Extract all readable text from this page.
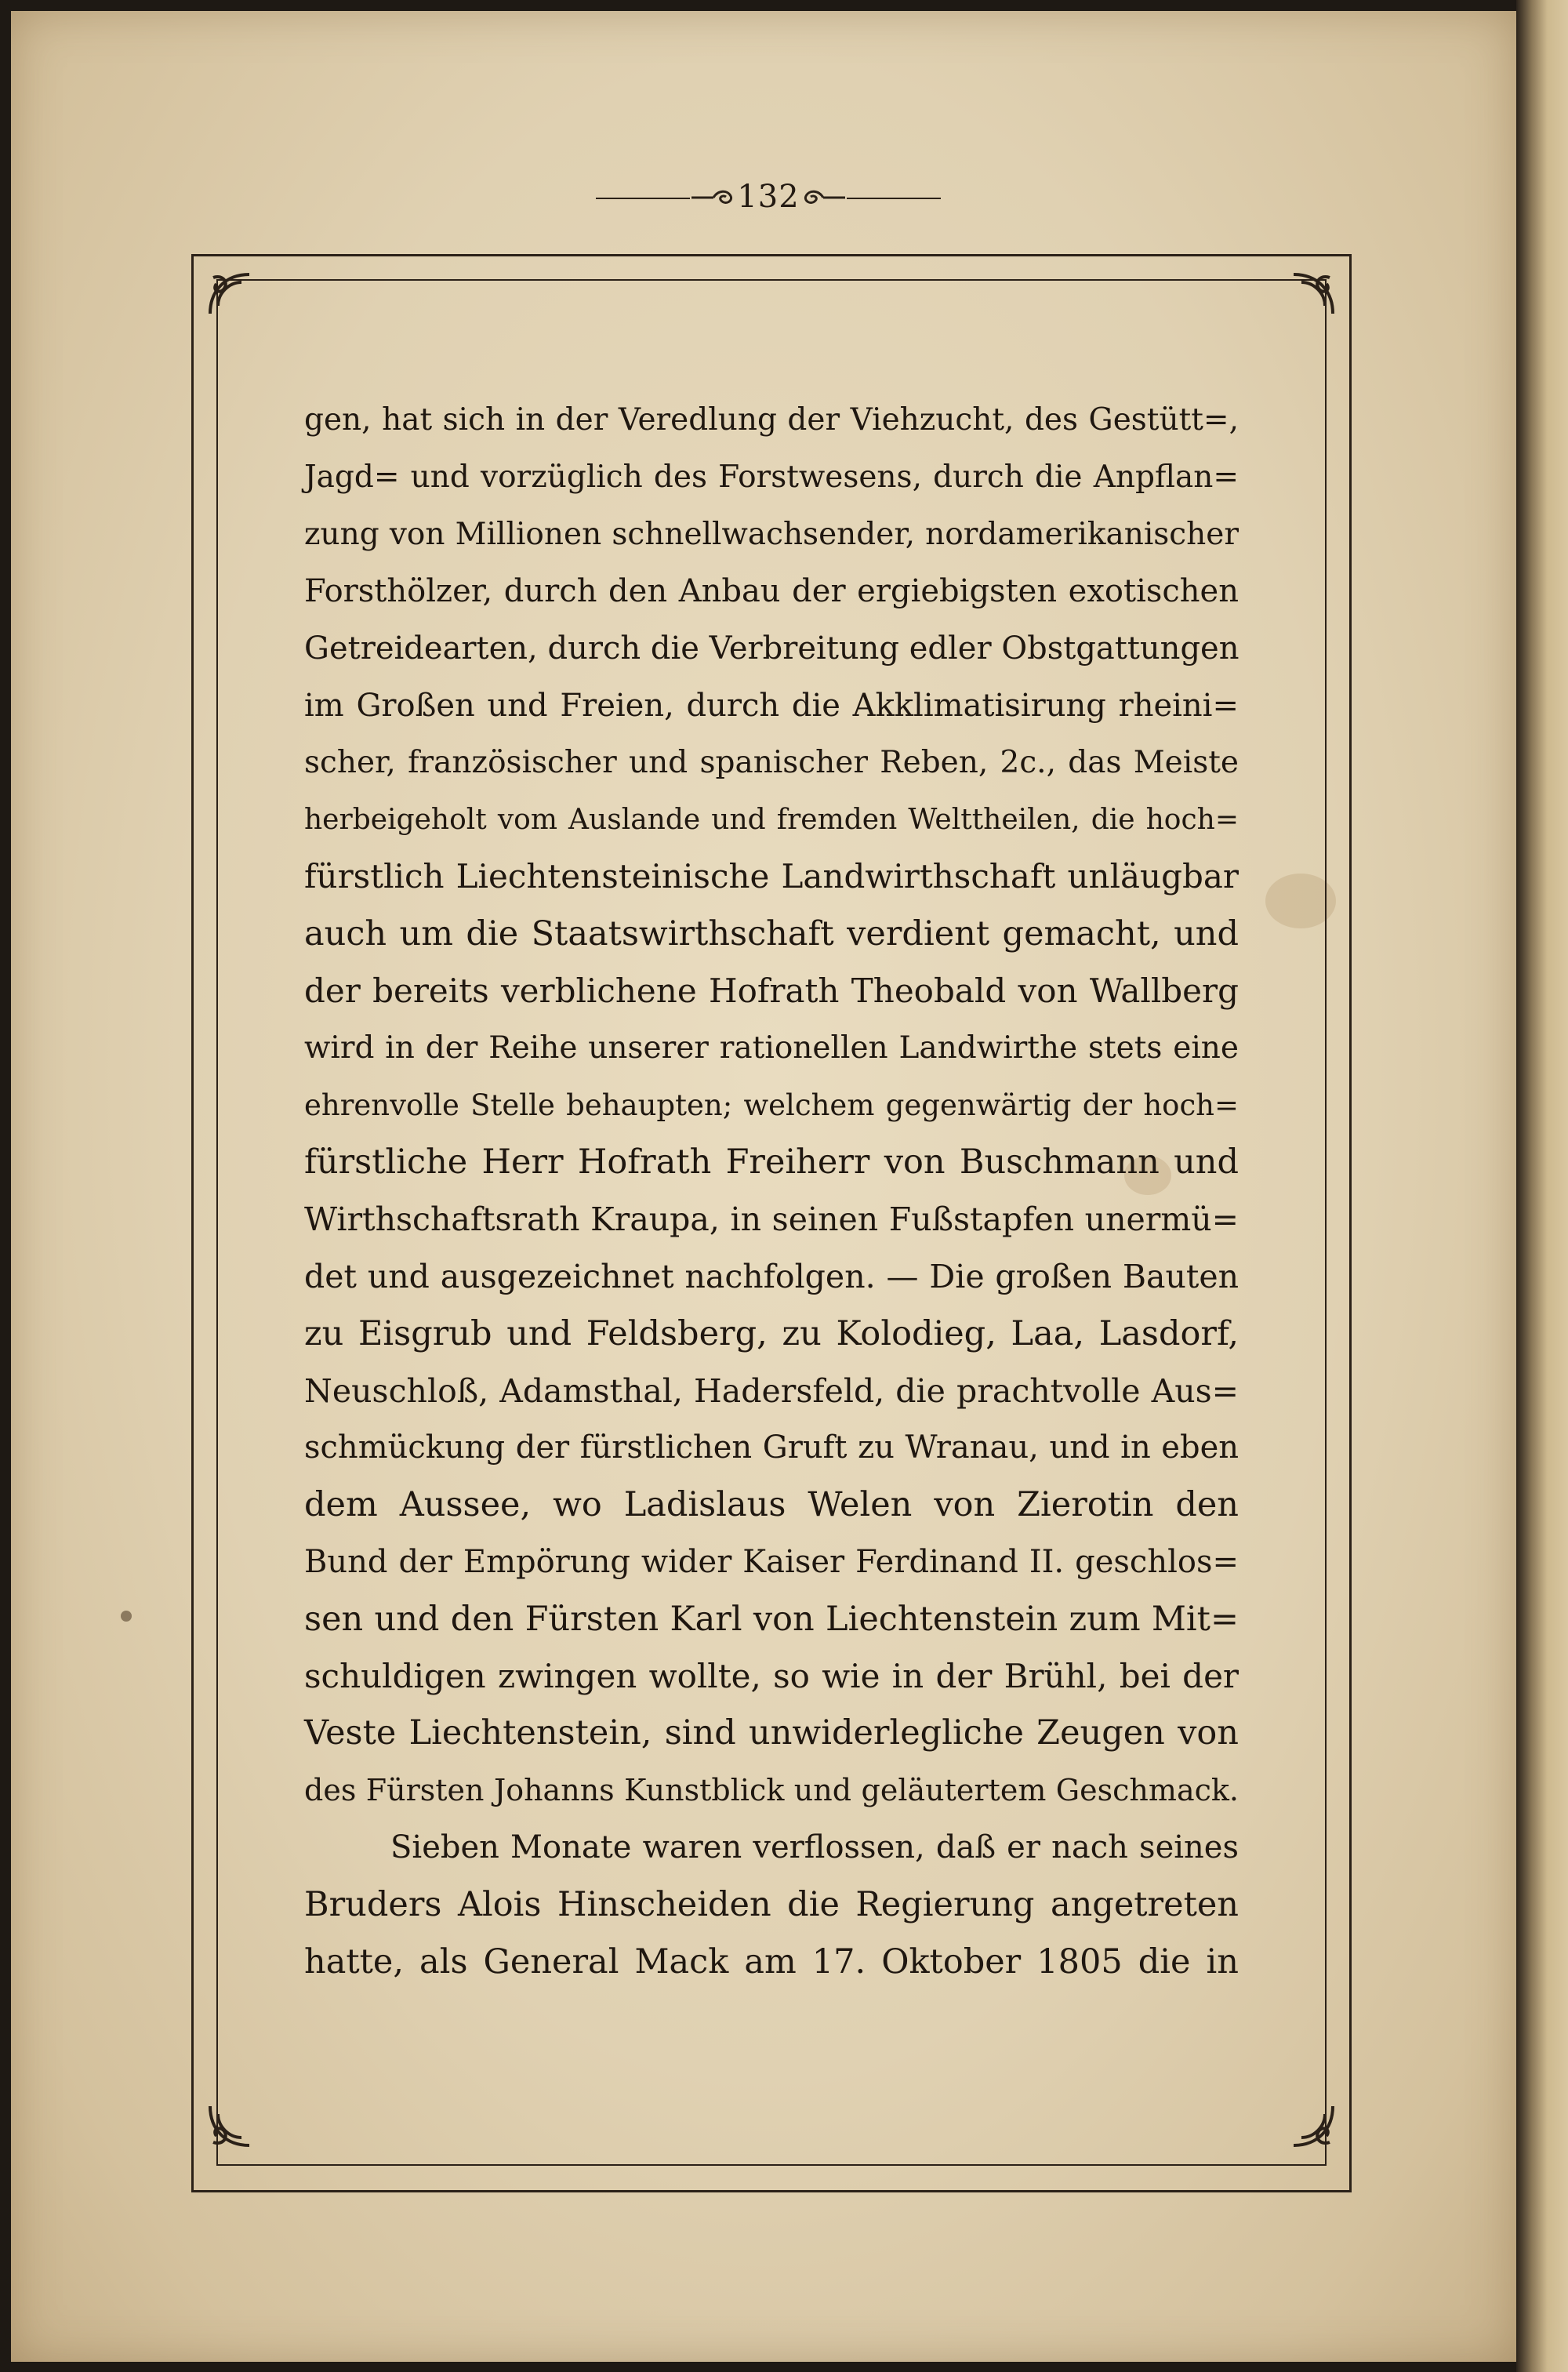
132
gen, hat sich in der Veredlung der Viehzucht, des Gestütt=,
Jagd= und vorzüglich des Forstwesens, durch die Anpflan=
zung von Millionen schnellwachsender, nordamerikanischer
Forsthölzer, durch den Anbau der ergiebigsten exotischen
Getreidearten, durch die Verbreitung edler Obstgattungen
im Großen und Freien, durch die Akklimatisirung rheini=
scher, französischer und spanischer Reben, 2c., das Meiste
herbeigeholt vom Auslande und fremden Welttheilen, die hoch=
fürstlich Liechtensteinische Landwirthschaft unläugbar
auch um die Staatswirthschaft verdient gemacht, und
der bereits verblichene Hofrath Theobald von Wallberg
wird in der Reihe unserer rationellen Landwirthe stets eine
ehrenvolle Stelle behaupten; welchem gegenwärtig der hoch=
fürstliche Herr Hofrath Freiherr von Buschmann und
Wirthschaftsrath Kraupa, in seinen Fußstapfen unermü=
det und ausgezeichnet nachfolgen. — Die großen Bauten
zu Eisgrub und Feldsberg, zu Kolodieg, Laa, Lasdorf,
Neuschloß, Adamsthal, Hadersfeld, die prachtvolle Aus=
schmückung der fürstlichen Gruft zu Wranau, und in eben
dem Aussee, wo Ladislaus Welen von Zierotin den
Bund der Empörung wider Kaiser Ferdinand II. geschlos=
sen und den Fürsten Karl von Liechtenstein zum Mit=
schuldigen zwingen wollte, so wie in der Brühl, bei der
Veste Liechtenstein, sind unwiderlegliche Zeugen von
des Fürsten Johanns Kunstblick und geläutertem Geschmack.
Sieben Monate waren verflossen, daß er nach seines
Bruders Alois Hinscheiden die Regierung angetreten
hatte, als General Mack am 17. Oktober 1805 die in
